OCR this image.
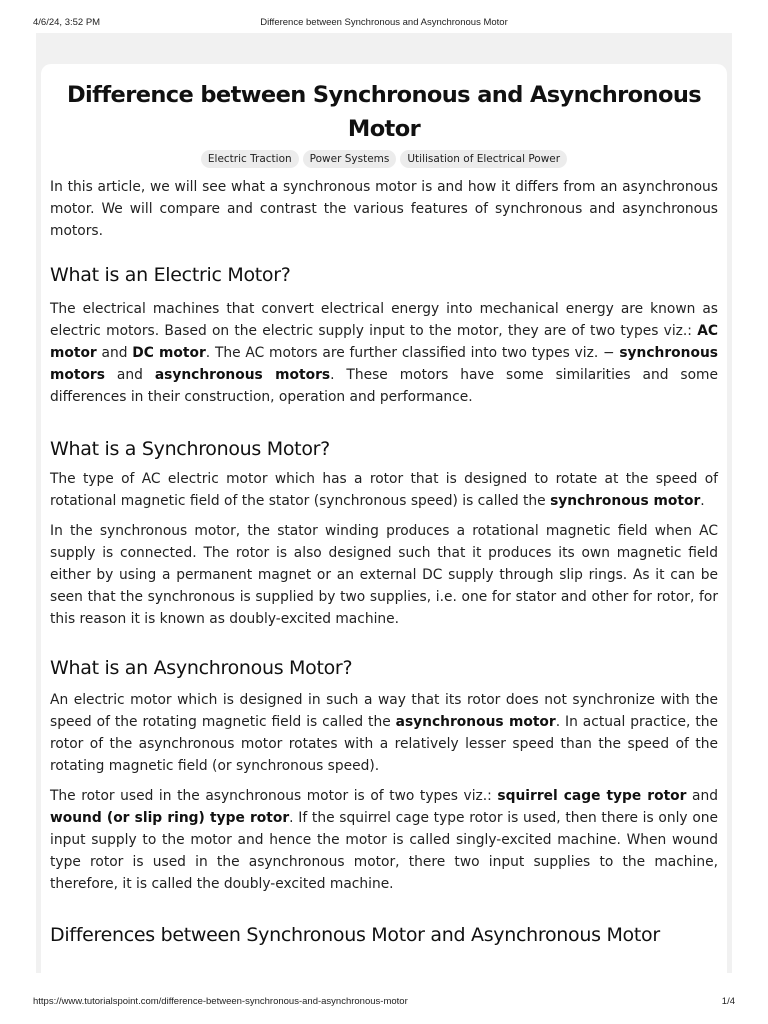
4/6/24, 3:52 PM	Difference between Synchronous and Asynchronous Motor
Difference between Synchronous and Asynchronous Motor
Electric Traction Power Systems Utilisation of Electrical Power

In this article, we will see what a synchronous motor is and how it differs from an asynchronous motor. We will compare and contrast the various features of synchronous and asynchronous motors.

What is an Electric Motor?

The electrical machines that convert electrical energy into mechanical energy are known as electric motors. Based on the electric supply input to the motor, they are of two types viz.: AC motor and DC motor. The AC motors are further classified into two types viz. − synchronous motors and asynchronous motors. These motors have some similarities and some differences in their construction, operation and performance.

What is a Synchronous Motor?

The type of AC electric motor which has a rotor that is designed to rotate at the speed of rotational magnetic field of the stator (synchronous speed) is called the synchronous motor.

In the synchronous motor, the stator winding produces a rotational magnetic field when AC supply is connected. The rotor is also designed such that it produces its own magnetic field either by using a permanent magnet or an external DC supply through slip rings. As it can be seen that the synchronous is supplied by two supplies, i.e. one for stator and other for rotor, for this reason it is known as doubly-excited machine.

What is an Asynchronous Motor?

An electric motor which is designed in such a way that its rotor does not synchronize with the speed of the rotating magnetic field is called the asynchronous motor. In actual practice, the rotor of the asynchronous motor rotates with a relatively lesser speed than the speed of the rotating magnetic field (or synchronous speed).

The rotor used in the asynchronous motor is of two types viz.: squirrel cage type rotor and wound (or slip ring) type rotor. If the squirrel cage type rotor is used, then there is only one input supply to the motor and hence the motor is called singly-excited machine. When wound type rotor is used in the asynchronous motor, there two input supplies to the machine, therefore, it is called the doubly-excited machine.

Differences between Synchronous Motor and Asynchronous Motor
https://www.tutorialspoint.com/difference-between-synchronous-and-asynchronous-motor	1/4
